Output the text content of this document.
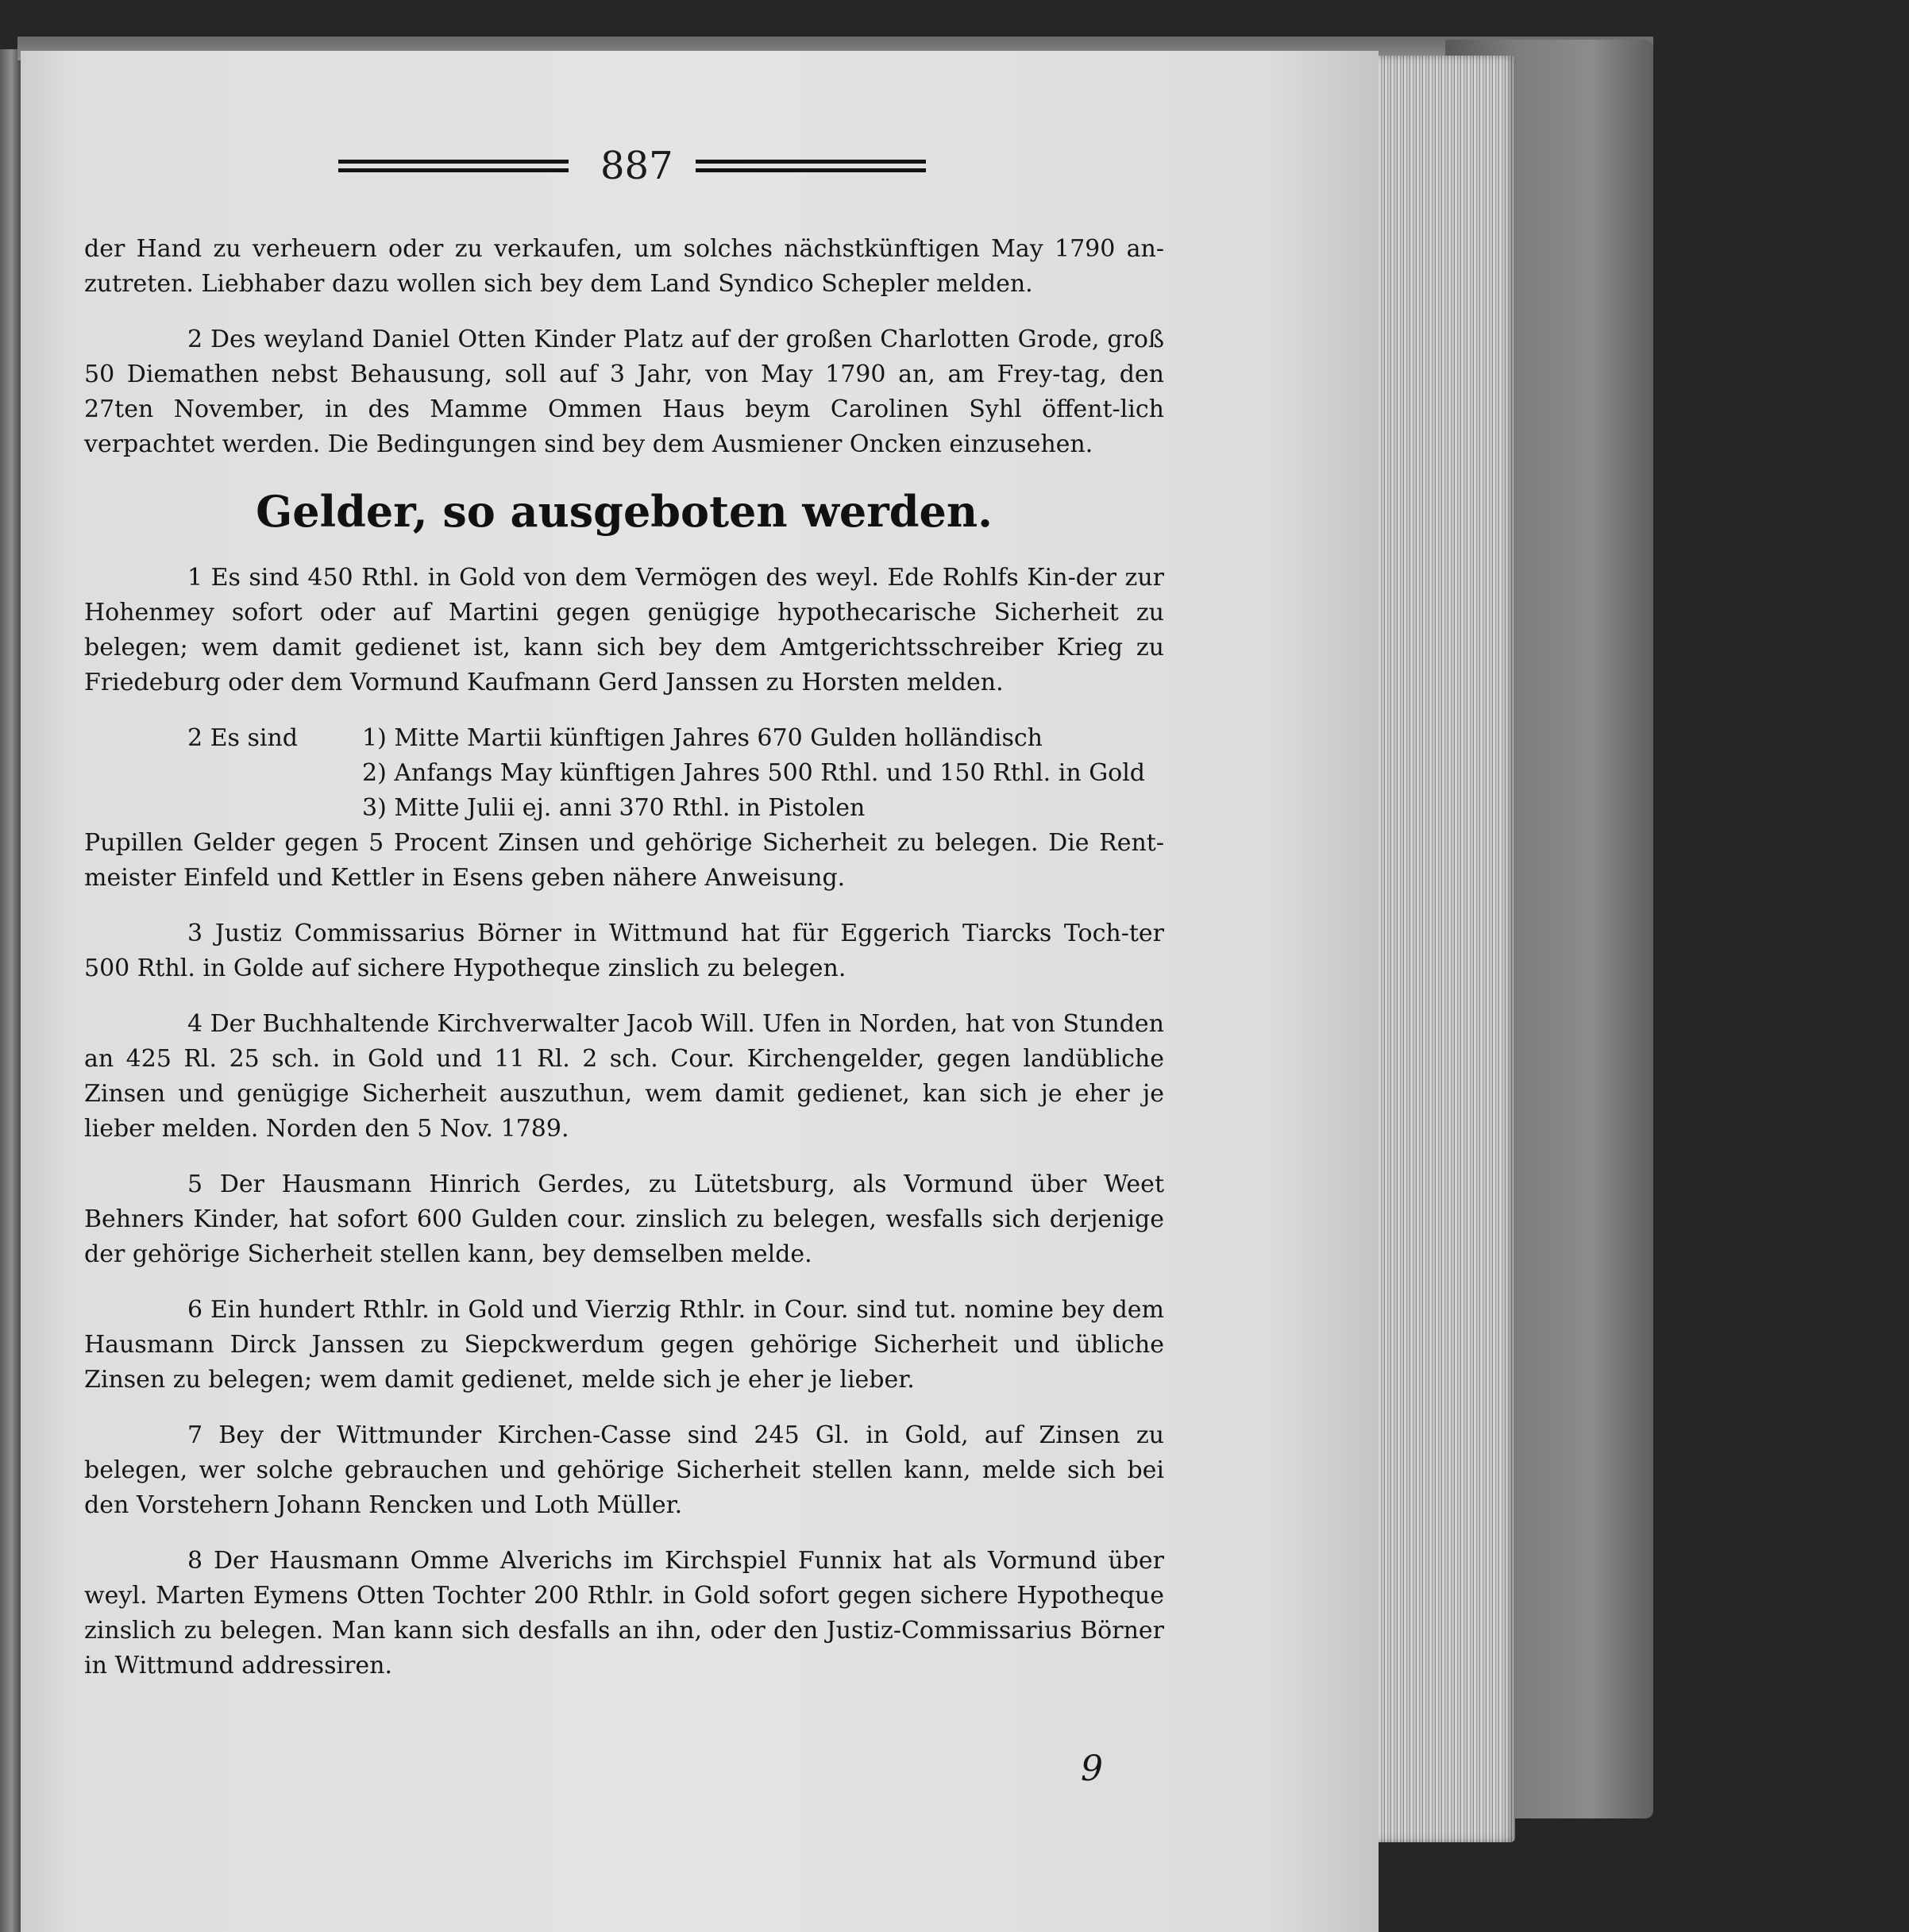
887

der Hand zu verheuern oder zu verkaufen, um solches nächstkünftigen May 1790 an-zutreten. Liebhaber dazu wollen sich bey dem Land Syndico Schepler melden.

2 Des weyland Daniel Otten Kinder Platz auf der großen Charlotten Grode, groß 50 Diemathen nebst Behausung, soll auf 3 Jahr, von May 1790 an, am Frey-tag, den 27ten November, in des Mamme Ommen Haus beym Carolinen Syhl öffent-lich verpachtet werden. Die Bedingungen sind bey dem Ausmiener Oncken einzusehen.

Gelder, so ausgeboten werden.

1 Es sind 450 Rthl. in Gold von dem Vermögen des weyl. Ede Rohlfs Kin-der zur Hohenmey sofort oder auf Martini gegen genügige hypothecarische Sicherheit zu belegen; wem damit gedienet ist, kann sich bey dem Amtgerichtsschreiber Krieg zu Friedeburg oder dem Vormund Kaufmann Gerd Janssen zu Horsten melden.

2 Es sind	1) Mitte Martii künftigen Jahres 670 Gulden holländisch
2) Anfangs May künftigen Jahres 500 Rthl. und 150 Rthl. in Gold
3) Mitte Julii ej. anni 370 Rthl. in Pistolen

Pupillen Gelder gegen 5 Procent Zinsen und gehörige Sicherheit zu belegen. Die Rent-meister Einfeld und Kettler in Esens geben nähere Anweisung.

3 Justiz Commissarius Börner in Wittmund hat für Eggerich Tiarcks Toch-ter 500 Rthl. in Golde auf sichere Hypotheque zinslich zu belegen.

4 Der Buchhaltende Kirchverwalter Jacob Will. Ufen in Norden, hat von Stunden an 425 Rl. 25 sch. in Gold und 11 Rl. 2 sch. Cour. Kirchengelder, gegen landübliche Zinsen und genügige Sicherheit auszuthun, wem damit gedienet, kan sich je eher je lieber melden. Norden den 5 Nov. 1789.

5 Der Hausmann Hinrich Gerdes, zu Lütetsburg, als Vormund über Weet Behners Kinder, hat sofort 600 Gulden cour. zinslich zu belegen, wesfalls sich derjenige der gehörige Sicherheit stellen kann, bey demselben melde.

6 Ein hundert Rthlr. in Gold und Vierzig Rthlr. in Cour. sind tut. nomine bey dem Hausmann Dirck Janssen zu Siepckwerdum gegen gehörige Sicherheit und übliche Zinsen zu belegen; wem damit gedienet, melde sich je eher je lieber.

7 Bey der Wittmunder Kirchen-Casse sind 245 Gl. in Gold, auf Zinsen zu belegen, wer solche gebrauchen und gehörige Sicherheit stellen kann, melde sich bei den Vorstehern Johann Rencken und Loth Müller.

8 Der Hausmann Omme Alverichs im Kirchspiel Funnix hat als Vormund über weyl. Marten Eymens Otten Tochter 200 Rthlr. in Gold sofort gegen sichere Hypotheque zinslich zu belegen. Man kann sich desfalls an ihn, oder den Justiz-Commissarius Börner in Wittmund addressiren.

9
